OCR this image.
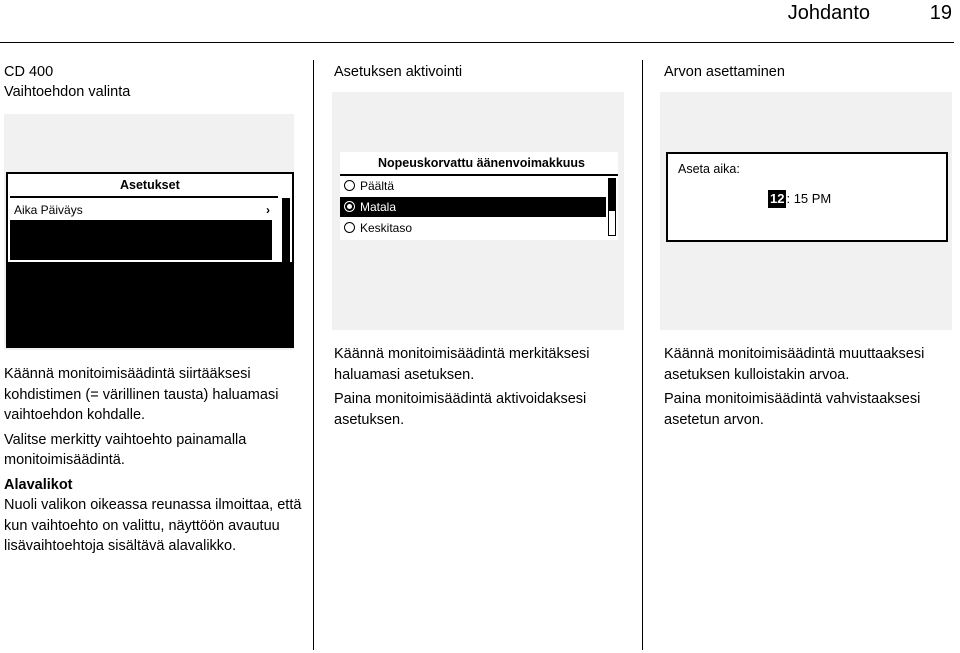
Johdanto	19
CD 400
Vaihtoehdon valinta
Asetukset
Aika Päiväys	›

Käännä monitoimisäädintä siirtääksesi kohdistimen (= värillinen tausta) haluamasi vaihtoehdon kohdalle.

Valitse merkitty vaihtoehto painamalla monitoimisäädintä.

Alavalikot

Nuoli valikon oikeassa reunassa ilmoittaa, että kun vaihtoehto on valittu, näyttöön avautuu lisävaihtoehtoja sisältävä alavalikko.

Asetuksen aktivointi
Nopeuskorvattu äänenvoimakkuus
Päältä
Matala
Keskitaso

Käännä monitoimisäädintä merkitäksesi haluamasi asetuksen.

Paina monitoimisäädintä aktivoidaksesi asetuksen.

Arvon asettaminen
Aseta aika:
12 : 15 PM

Käännä monitoimisäädintä muuttaaksesi asetuksen kulloistakin arvoa.

Paina monitoimisäädintä vahvistaaksesi asetetun arvon.
